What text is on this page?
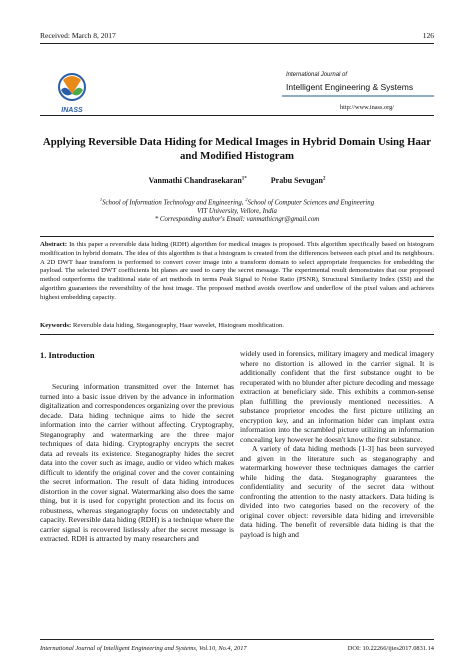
Received: March 8, 2017	126
INASS
International Journal of
Intelligent Engineering & Systems
http://www.inass.org/
Applying Reversible Data Hiding for Medical Images in Hybrid Domain Using Haar and Modified Histogram
Vanmathi Chandrasekaran$^{1*}$	Prabu Sevugan$^2$
$^1$School of Information Technology and Engineering, $^2$School of Computer Sciences and Engineering
VIT University, Vellore, India
* Corresponding author's Email: vanmathicngr@gmail.com
Abstract: In this paper a reversible data hiding (RDH) algorithm for medical images is proposed. This algorithm specifically based on histogram modification in hybrid domain. The idea of this algorithm is that a histogram is created from the differences between each pixel and its neighbours. A 2D DWT haar transform is performed to convert cover image into a transform domain to select appropriate frequencies for embedding the payload. The selected DWT coefficients bit planes are used to carry the secret message. The experimental result demonstrates that our proposed method outperforms the traditional state of art methods in terms Peak Signal to Noise Ratio (PSNR), Structural Similarity Index (SSI) and the algorithm guarantees the reversibility of the host image. The proposed method avoids overflow and underflow of the pixel values and achieves highest embedding capacity.
Keywords: Reversible data hiding, Steganography, Haar wavelet, Histogram modification.
1. Introduction

Securing information transmitted over the Internet has turned into a basic issue driven by the advance in information digitalization and correspondences organizing over the previous decade. Data hiding technique aims to hide the secret information into the carrier without affecting. Cryptography, Steganography and watermarking are the three major techniques of data hiding. Cryptography encrypts the secret data ad reveals its existence. Steganography hides the secret data into the cover such as image, audio or video which makes difficult to identify the original cover and the cover containing the secret information. The result of data hiding introduces distortion in the cover signal. Watermarking also does the same thing, but it is used for copyright protection and its focus on robustness, whereas steganography focus on undetectably and capacity. Reversible data hiding (RDH) is a technique where the carrier signal is recovered listlessly after the secret message is extracted. RDH is attracted by many researchers and

widely used in forensics, military imagery and medical imagery where no distortion is allowed in the carrier signal. It is additionally confident that the first substance ought to be recuperated with no blunder after picture decoding and message extraction at beneficiary side. This exhibits a common-sense plan fulfilling the previously mentioned necessities. A substance proprietor encodes the first picture utilizing an encryption key, and an information hider can implant extra information into the scrambled picture utilizing an information concealing key however he doesn't know the first substance.

A variety of data hiding methods [1-3] has been surveyed and given in the literature such as steganography and watermarking however these techniques damages the carrier while hiding the data. Steganography guarantees the confidentiality and security of the secret data without confronting the attention to the nasty attackers. Data hiding is divided into two categories based on the recovery of the original cover object: reversible data hiding and irreversible data hiding. The benefit of reversible data hiding is that the payload is high and

International Journal of Intelligent Engineering and Systems, Vol.10, No.4, 2017	DOI: 10.22266/ijies2017.0831.14
